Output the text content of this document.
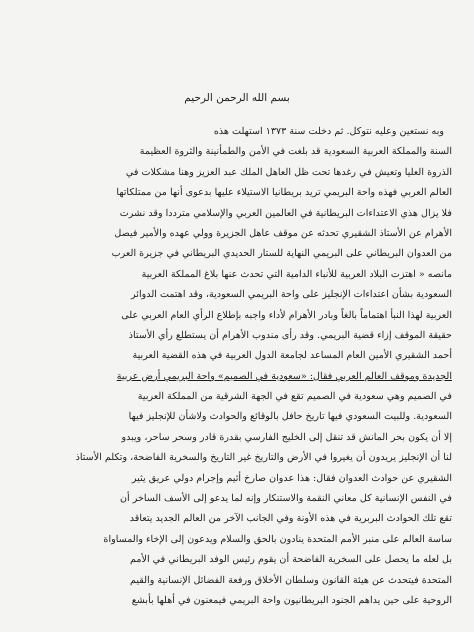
بسم الله الرحمن الرحيم
وبه نستعين وعليه نتوكل. ثم دخلت سنة ١٣٧٣ استهلت هذه
السنة والمملكة العربية السعودية قد بلغت في الأمن والطمأنينة والثروة العظيمة
الذروة العليا وتعيش في رغدها تحت ظل العاهل الملك عبد العزيز وهنا مشكلات في
العالم العربي فهذه واحة البريمي تريد بريطانيا الاستيلاء عليها بدعوى أنها من ممتلكاتها
فلا يزال هذي الاعتداءات البريطانية في العالمين العربي والإسلامي مترددا وقد نشرت
الأهرام عن الأستاذ الشقيري تحدثه عن موقف عاهل الجزيرة وولي عهده والأمير فيصل
من العدوان البريطاني على البريمي النهاية للستار الحديدي البريطاني في جزيرة العرب
مانصه « اهتزت البلاد العربية للأنباء الدامية التي تحدث عنها بلاغ المملكة العربية
السعودية بشأن اعتداءات الإنجليز على واحة البريمي السعودية، وقد اهتمت الدوائر
العربية لهذا النبأ اهتماماً بالغاً وبادر الأهرام لأداء واجبه بإطلاع الرأي العام العربي على
حقيقة الموقف إزاء قضية البريمي. وقد رأى مندوب الأهرام أن يستطلع رأي الأستاذ
أحمد الشقيري الأمين العام المساعد لجامعة الدول العربية في هذه القضية العربية
الجديدة وموقف العالم العربي فقال: «سعودية في الصميم» واحة البريمي أرض عربية
في الصميم وهي سعودية في الصميم تقع في الجهة الشرقية من المملكة العربية
السعودية. وللبيت السعودي فيها تاريخ حافل بالوقائع والحوادث ولاشأن للإنجليز فيها
إلا أن يكون بحر المانش قد تنقل إلى الخليج الفارسي بقدرة قادر وسحر ساحر، ويبدو
لنا أن الإنجليز يريدون أن يغيروا في الأرض والتاريخ غير التاريخ والسخرية الفاضحة، وتكلم الأستاذ
الشقيري عن حوادث العدوان فقال: هذا عدوان صارخ أثيم وإجرام دولي عريق يثير
في النفس الإنسانية كل معاني النقمة والاستنكار وإنه لما يدعو إلى الأسف الساخر أن
تقع تلك الحوادث البربرية في هذه الأونة وفي الجانب الآخر من العالم الجديد يتعاقد
ساسة العالم على منبر الأمم المتحدة ينادون بالحق والسلام ويدعون إلى الإخاء والمساواة
بل لعله ما يحصل على السخرية الفاضحة أن يقوم رئيس الوفد البريطاني في الأمم
المتحدة فيتحدث عن هيئة القانون وسلطان الأخلاق ورفعة الفضائل الإنسانية والقيم
الروحية على حين يداهم الجنود البريطانيون واحة البريمي فيمعنون في أهلها بأبشع
